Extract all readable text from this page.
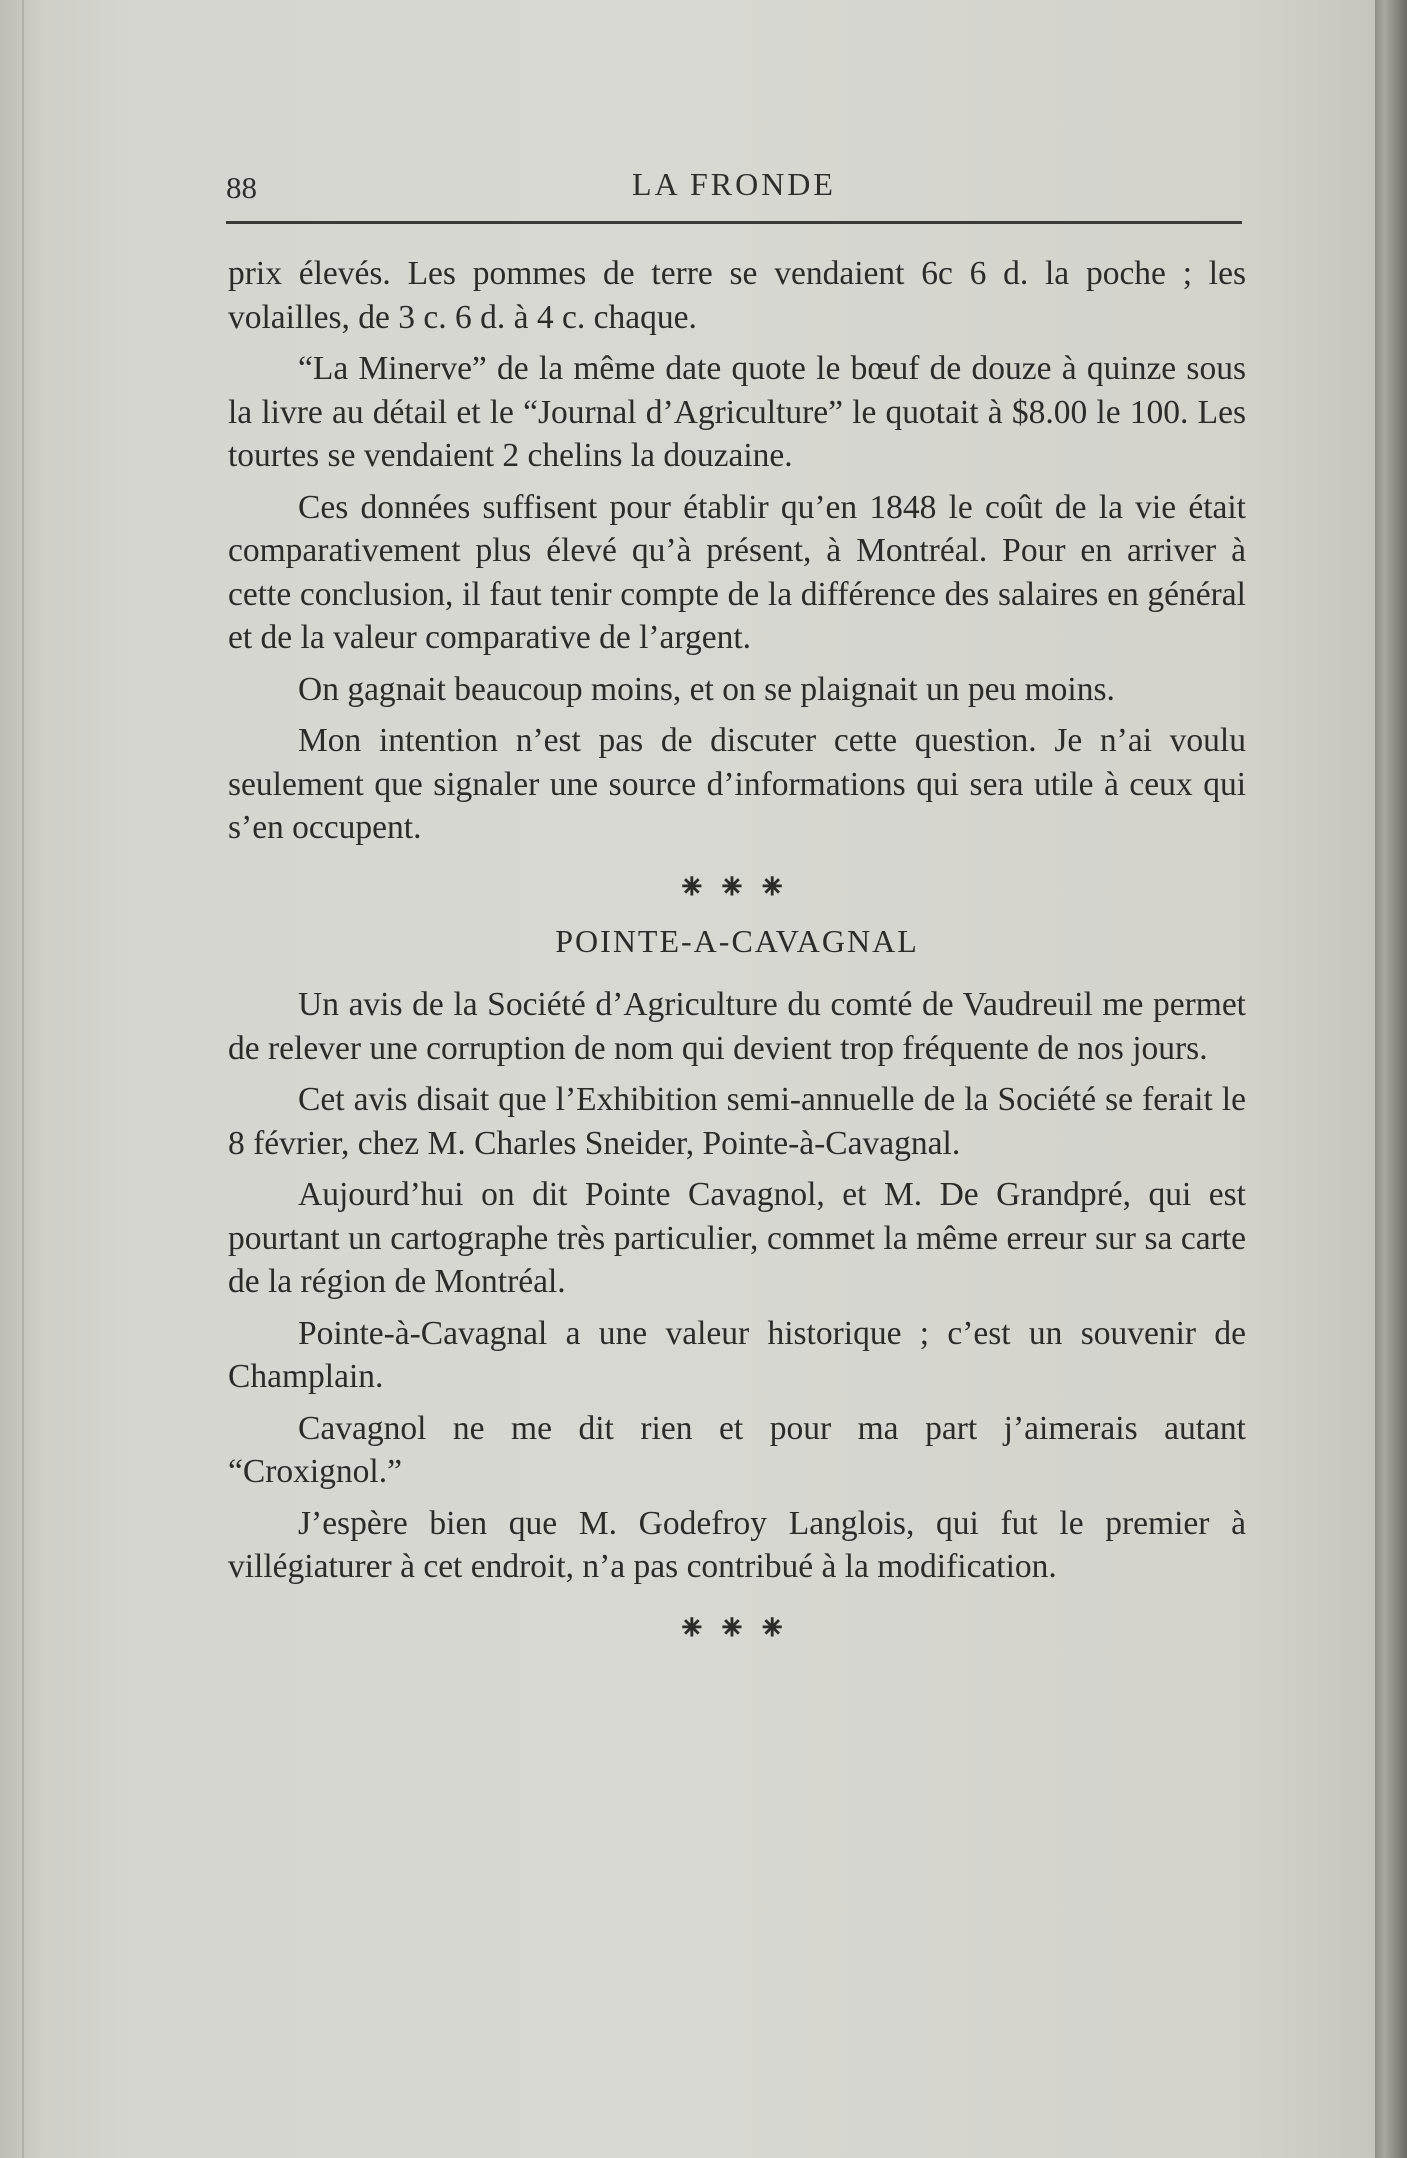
88	LA FRONDE

prix élevés. Les pommes de terre se vendaient 6c 6 d. la poche ; les volailles, de 3 c. 6 d. à 4 c. chaque.

“La Minerve” de la même date quote le bœuf de douze à quinze sous la livre au détail et le “Journal d’Agriculture” le quotait à $8.00 le 100. Les tourtes se vendaient 2 chelins la douzaine.

Ces données suffisent pour établir qu’en 1848 le coût de la vie était comparativement plus élevé qu’à présent, à Montréal. Pour en arriver à cette conclusion, il faut tenir compte de la différence des salaires en général et de la valeur comparative de l’argent.

On gagnait beaucoup moins, et on se plaignait un peu moins.

Mon intention n’est pas de discuter cette question. Je n’ai voulu seulement que signaler une source d’informations qui sera utile à ceux qui s’en occupent.

⁕⁕⁕
POINTE-A-CAVAGNAL

Un avis de la Société d’Agriculture du comté de Vaudreuil me permet de relever une corruption de nom qui devient trop fréquente de nos jours.

Cet avis disait que l’Exhibition semi-annuelle de la Société se ferait le 8 février, chez M. Charles Sneider, Pointe-à-Cavagnal.

Aujourd’hui on dit Pointe Cavagnol, et M. De Grandpré, qui est pourtant un cartographe très particulier, commet la même erreur sur sa carte de la région de Montréal.

Pointe-à-Cavagnal a une valeur historique ; c’est un souvenir de Champlain.

Cavagnol ne me dit rien et pour ma part j’aimerais autant “Croxignol.”

J’espère bien que M. Godefroy Langlois, qui fut le premier à villégiaturer à cet endroit, n’a pas contribué à la modification.

⁕⁕⁕
